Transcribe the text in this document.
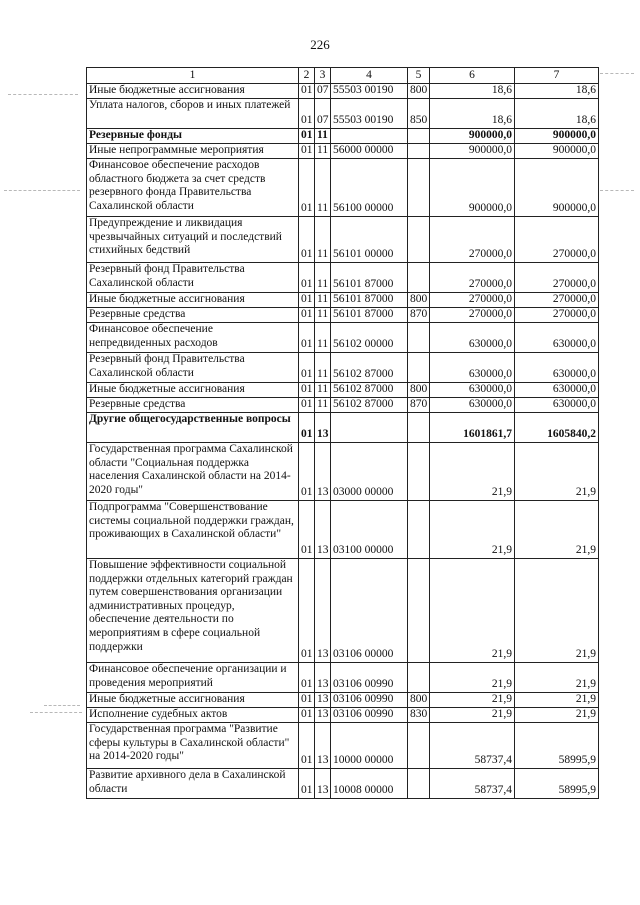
226
1	2	3	4	5	6	7
Иные бюджетные ассигнования	01	07	55503 00190	800	18,6	18,6
Уплата налогов, сборов и иных платежей	01	07	55503 00190	850	18,6	18,6
Резервные фонды	01	11			900000,0	900000,0
Иные непрограммные мероприятия	01	11	56000 00000		900000,0	900000,0
Финансовое обеспечение расходов областного бюджета за счет средств резервного фонда Правительства Сахалинской области	01	11	56100 00000		900000,0	900000,0
Предупреждение и ликвидация чрезвычайных ситуаций и последствий стихийных бедствий	01	11	56101 00000		270000,0	270000,0
Резервный фонд Правительства Сахалинской области	01	11	56101 87000		270000,0	270000,0
Иные бюджетные ассигнования	01	11	56101 87000	800	270000,0	270000,0
Резервные средства	01	11	56101 87000	870	270000,0	270000,0
Финансовое обеспечение непредвиденных расходов	01	11	56102 00000		630000,0	630000,0
Резервный фонд Правительства Сахалинской области	01	11	56102 87000		630000,0	630000,0
Иные бюджетные ассигнования	01	11	56102 87000	800	630000,0	630000,0
Резервные средства	01	11	56102 87000	870	630000,0	630000,0
Другие общегосударственные вопросы	01	13			1601861,7	1605840,2
Государственная программа Сахалинской области "Социальная поддержка населения Сахалинской области на 2014-2020 годы"	01	13	03000 00000		21,9	21,9
Подпрограмма "Совершенствование системы социальной поддержки граждан, проживающих в Сахалинской области"	01	13	03100 00000		21,9	21,9
Повышение эффективности социальной поддержки отдельных категорий граждан путем совершенствования организации административных процедур, обеспечение деятельности по мероприятиям в сфере социальной поддержки	01	13	03106 00000		21,9	21,9
Финансовое обеспечение организации и проведения мероприятий	01	13	03106 00990		21,9	21,9
Иные бюджетные ассигнования	01	13	03106 00990	800	21,9	21,9
Исполнение судебных актов	01	13	03106 00990	830	21,9	21,9
Государственная программа "Развитие сферы культуры в Сахалинской области" на 2014-2020 годы"	01	13	10000 00000		58737,4	58995,9
Развитие архивного дела в Сахалинской области	01	13	10008 00000		58737,4	58995,9
